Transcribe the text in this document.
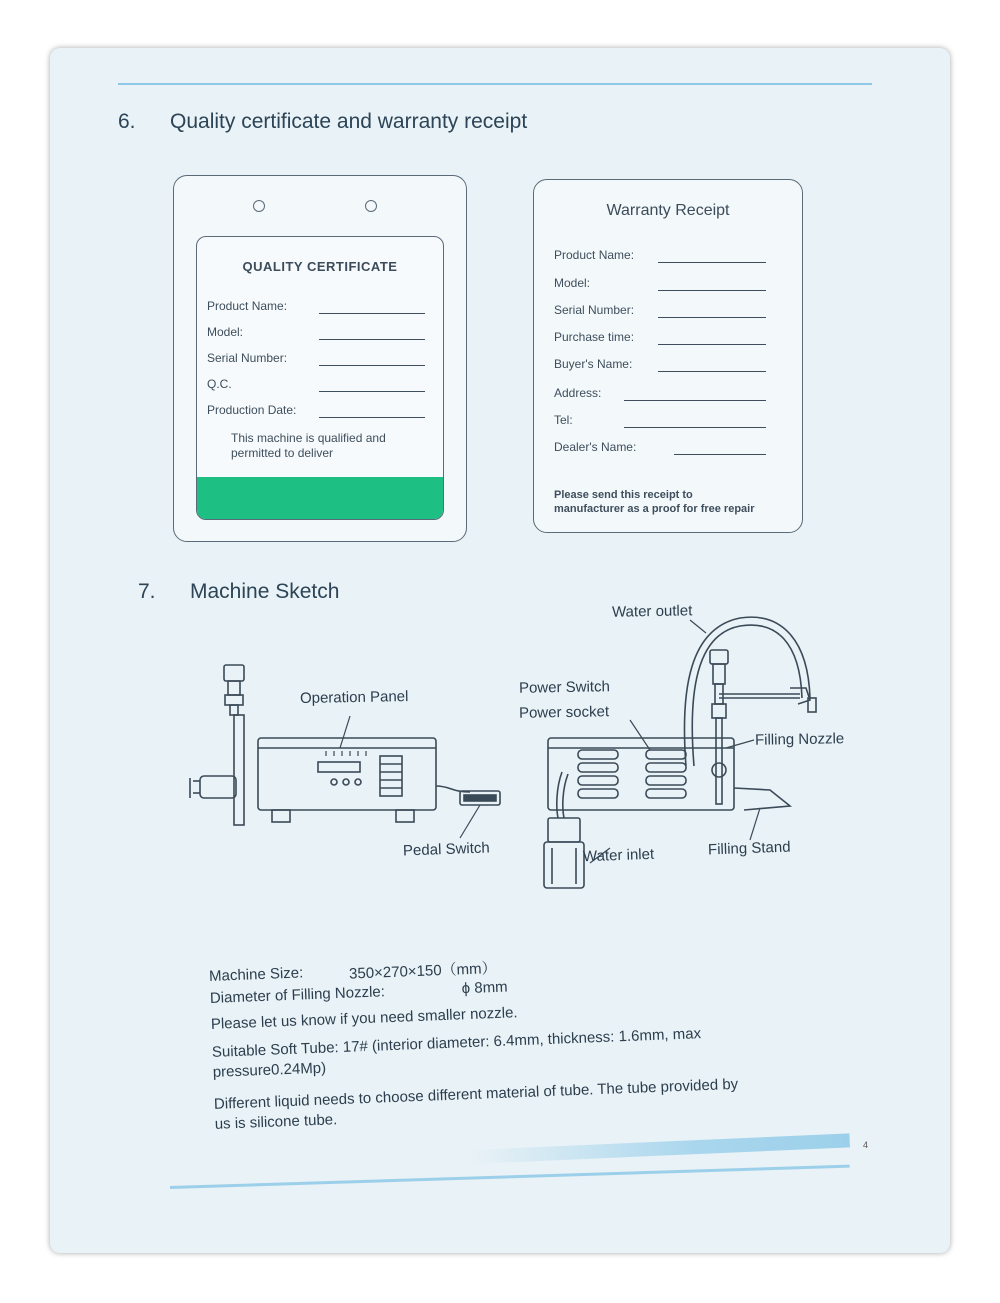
6. Quality certificate and warranty receipt
QUALITY CERTIFICATE
Product Name:
Model:
Serial Number:
Q.C.
Production Date:
This machine is qualified and
permitted to deliver
Warranty Receipt
Product Name:
Model:
Serial Number:
Purchase time:
Buyer's Name:
Address:
Tel:
Dealer's Name:
Please send this receipt to
manufacturer as a proof for free repair
7. Machine Sketch
Operation Panel
Pedal Switch
Power Switch
Power socket
Water outlet
Filling Nozzle
Water inlet	Filling Stand
Machine Size:	350×270×150（mm）
Diameter of Filling Nozzle:	ϕ 8mm
Please let us know if you need smaller nozzle.
Suitable Soft Tube: 17# (interior diameter: 6.4mm, thickness: 1.6mm, max
pressure0.24Mp)
Different liquid needs to choose different material of tube. The tube provided by
us is silicone tube.
4
